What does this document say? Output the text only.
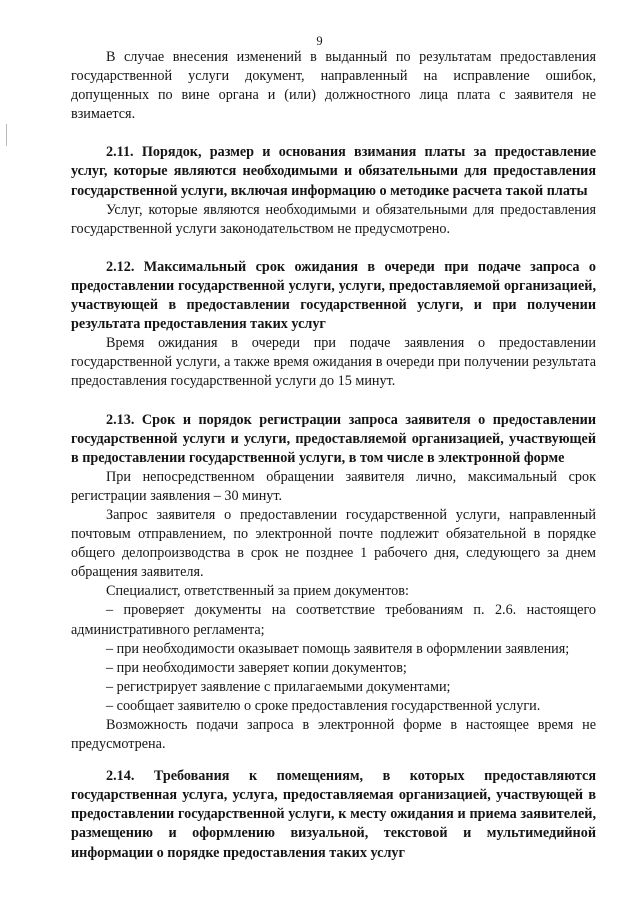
9

В случае внесения изменений в выданный по результатам предоставления государственной услуги документ, направленный на исправление ошибок, допущенных по вине органа и (или) должностного лица плата с заявителя не взимается.

2.11. Порядок, размер и основания взимания платы за предоставление услуг, которые являются необходимыми и обязательными для предоставления государственной услуги, включая информацию о методике расчета такой платы

Услуг, которые являются необходимыми и обязательными для предоставления государственной услуги законодательством не предусмотрено.

2.12. Максимальный срок ожидания в очереди при подаче запроса о предоставлении государственной услуги, услуги, предоставляемой организацией, участвующей в предоставлении государственной услуги, и при получении результата предоставления таких услуг

Время ожидания в очереди при подаче заявления о предоставлении государственной услуги, а также время ожидания в очереди при получении результата предоставления государственной услуги до 15 минут.

2.13. Срок и порядок регистрации запроса заявителя о предоставлении государственной услуги и услуги, предоставляемой организацией, участвующей в предоставлении государственной услуги, в том числе в электронной форме

При непосредственном обращении заявителя лично, максимальный срок регистрации заявления – 30 минут.

Запрос заявителя о предоставлении государственной услуги, направленный почтовым отправлением, по электронной почте подлежит обязательной в порядке общего делопроизводства в срок не позднее 1 рабочего дня, следующего за днем обращения заявителя.

Специалист, ответственный за прием документов:

– проверяет документы на соответствие требованиям п. 2.6. настоящего административного регламента;

– при необходимости оказывает помощь заявителя в оформлении заявления;

– при необходимости заверяет копии документов;

– регистрирует заявление с прилагаемыми документами;

– сообщает заявителю о сроке предоставления государственной услуги.

Возможность подачи запроса в электронной форме в настоящее время не предусмотрена.

2.14. Требования к помещениям, в которых предоставляются государственная услуга, услуга, предоставляемая организацией, участвующей в предоставлении государственной услуги, к месту ожидания и приема заявителей, размещению и оформлению визуальной, текстовой и мультимедийной информации о порядке предоставления таких услуг
